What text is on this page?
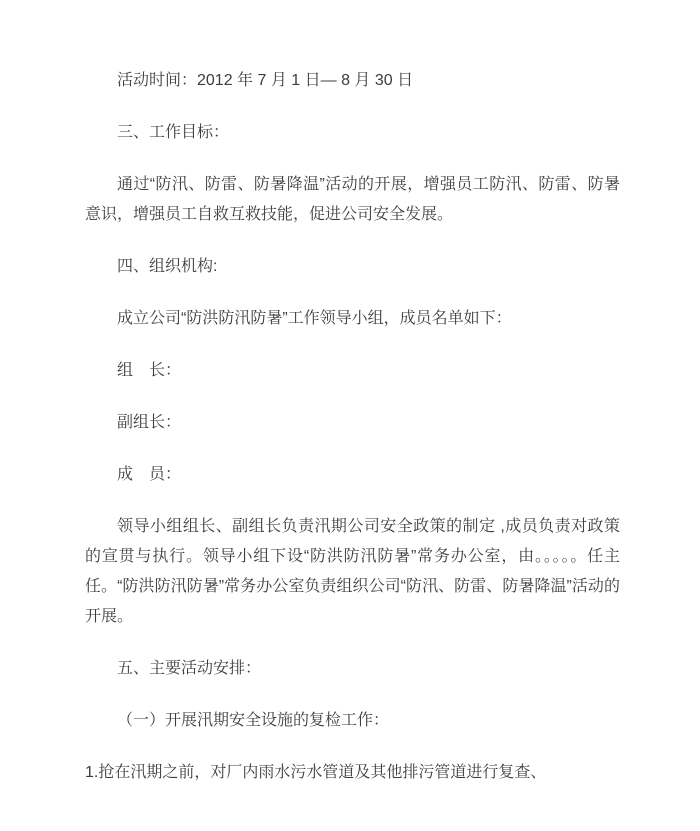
活动时间：2012 年 7 月 1 日— 8 月 30 日

三、工作目标：

通过“防汛、防雷、防暑降温”活动的开展，增强员工防汛、防雷、防暑意识，增强员工自救互救技能，促进公司安全发展。

四、组织机构:

成立公司“防洪防汛防暑”工作领导小组，成员名单如下：

组　长：

副组长：

成　员：

领导小组组长、副组长负责汛期公司安全政策的制定 ,成员负责对政策的宣贯与执行。领导小组下设“防洪防汛防暑”常务办公室，由。。。。。任主任。“防洪防汛防暑”常务办公室负责组织公司“防汛、防雷、防暑降温”活动的开展。

五、主要活动安排：

（一）开展汛期安全设施的复检工作：

1.抢在汛期之前，对厂内雨水污水管道及其他排污管道进行复查、
